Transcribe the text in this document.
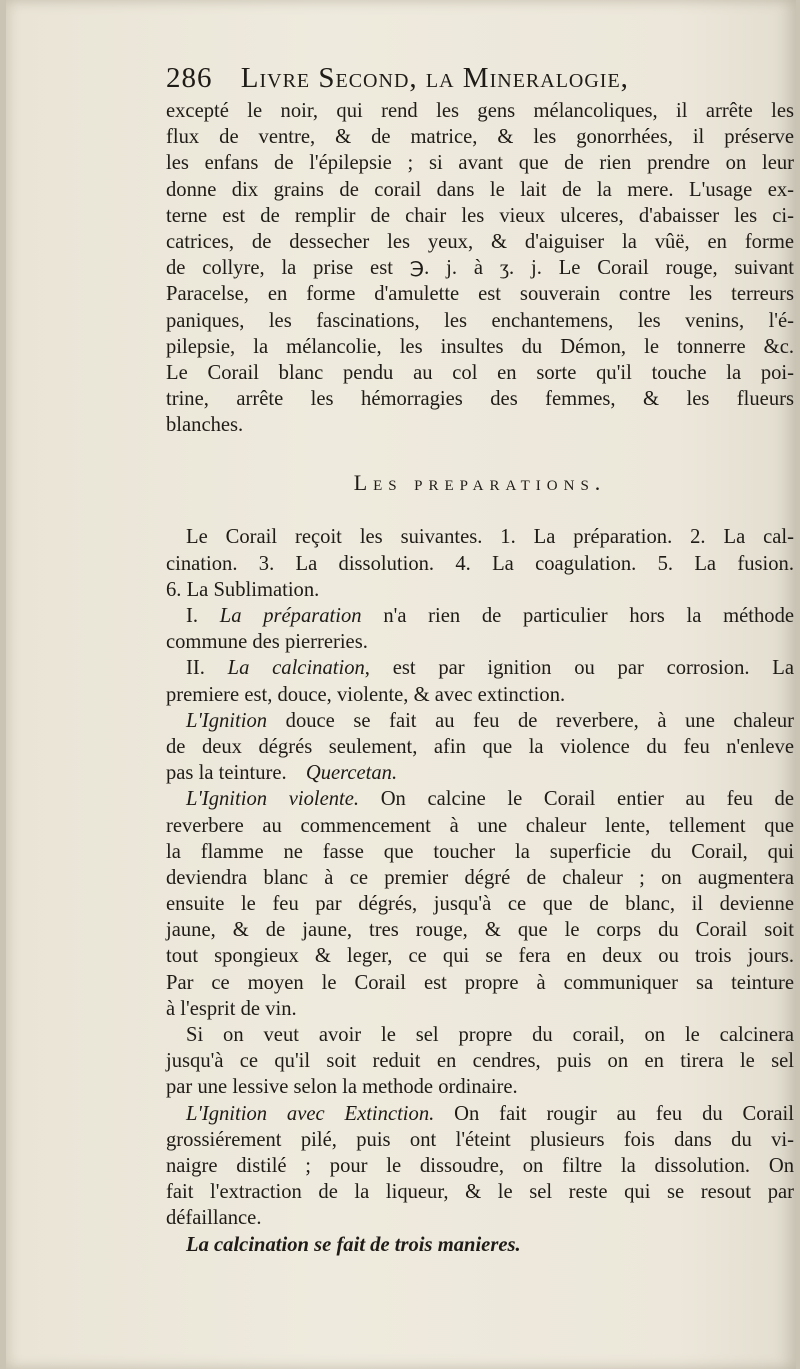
286 Livre Second, la Mineralogie,
excepté le noir, qui rend les gens mélancoliques, il arrête les
flux de ventre, & de matrice, & les gonorrhées, il préserve
les enfans de l'épilepsie ; si avant que de rien prendre on leur
donne dix grains de corail dans le lait de la mere. L'usage ex-
terne est de remplir de chair les vieux ulceres, d'abaisser les ci-
catrices, de dessecher les yeux, & d'aiguiser la vûë, en forme
de collyre, la prise est ℈. j. à ʒ. j. Le Corail rouge, suivant
Paracelse, en forme d'amulette est souverain contre les terreurs
paniques, les fascinations, les enchantemens, les venins, l'é-
pilepsie, la mélancolie, les insultes du Démon, le tonnerre &c.
Le Corail blanc pendu au col en sorte qu'il touche la poi-
trine, arrête les hémorragies des femmes, & les flueurs
blanches.
Les preparations.
Le Corail reçoit les suivantes. 1. La préparation. 2. La cal-
cination. 3. La dissolution. 4. La coagulation. 5. La fusion.
6. La Sublimation.
I. La préparation n'a rien de particulier hors la méthode
commune des pierreries.
II. La calcination, est par ignition ou par corrosion. La
premiere est, douce, violente, & avec extinction.
L'Ignition douce se fait au feu de reverbere, à une chaleur
de deux dégrés seulement, afin que la violence du feu n'enleve
pas la teinture. Quercetan.
L'Ignition violente. On calcine le Corail entier au feu de
reverbere au commencement à une chaleur lente, tellement que
la flamme ne fasse que toucher la superficie du Corail, qui
deviendra blanc à ce premier dégré de chaleur ; on augmentera
ensuite le feu par dégrés, jusqu'à ce que de blanc, il devienne
jaune, & de jaune, tres rouge, & que le corps du Corail soit
tout spongieux & leger, ce qui se fera en deux ou trois jours.
Par ce moyen le Corail est propre à communiquer sa teinture
à l'esprit de vin.
Si on veut avoir le sel propre du corail, on le calcinera
jusqu'à ce qu'il soit reduit en cendres, puis on en tirera le sel
par une lessive selon la methode ordinaire.
L'Ignition avec Extinction. On fait rougir au feu du Corail
grossiérement pilé, puis ont l'éteint plusieurs fois dans du vi-
naigre distilé ; pour le dissoudre, on filtre la dissolution. On
fait l'extraction de la liqueur, & le sel reste qui se resout par
défaillance.
La calcination se fait de trois manieres.
